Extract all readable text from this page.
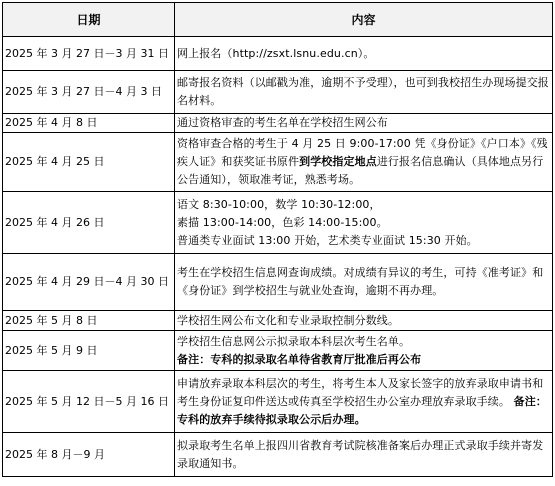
日期	内容
2025 年 3 月 27 日－3 月 31 日	网上报名（http://zsxt.lsnu.edu.cn）。
2025 年 3 月 27 日－4 月 3 日	邮寄报名资料（以邮戳为准，逾期不予受理），也可到我校招生办现场提交报名材料。
2025 年 4 月 8 日	通过资格审查的考生名单在学校招生网公布
2025 年 4 月 25 日	资格审查合格的考生于 4 月 25 日 9:00-17:00 凭《身份证》《户口本》《残疾人证》和获奖证书原件到学校指定地点进行报名信息确认（具体地点另行公告通知），领取准考证，熟悉考场。
2025 年 4 月 26 日	语文 8:30-10:00，数学 10:30-12:00，
素描 13:00-14:00，色彩 14:00-15:00。
普通类专业面试 13:00 开始，艺术类专业面试 15:30 开始。

2025 年 4 月 29 日－4 月 30 日	考生在学校招生信息网查询成绩。对成绩有异议的考生，可持《准考证》和《身份证》到学校招生与就业处查询，逾期不再办理。
2025 年 5 月 8 日	学校招生网公布文化和专业录取控制分数线。
2025 年 5 月 9 日	学校招生信息网公示拟录取本科层次考生名单。
备注：专科的拟录取名单待省教育厅批准后再公布

2025 年 5 月 12 日－5 月 16 日	申请放弃录取本科层次的考生，将考生本人及家长签字的放弃录取申请书和考生身份证复印件送达或传真至学校招生办公室办理放弃录取手续。 备注：专科的放弃手续待拟录取公示后办理。
2025 年 8 月－9 月	拟录取考生名单上报四川省教育考试院核准备案后办理正式录取手续并寄发录取通知书。
